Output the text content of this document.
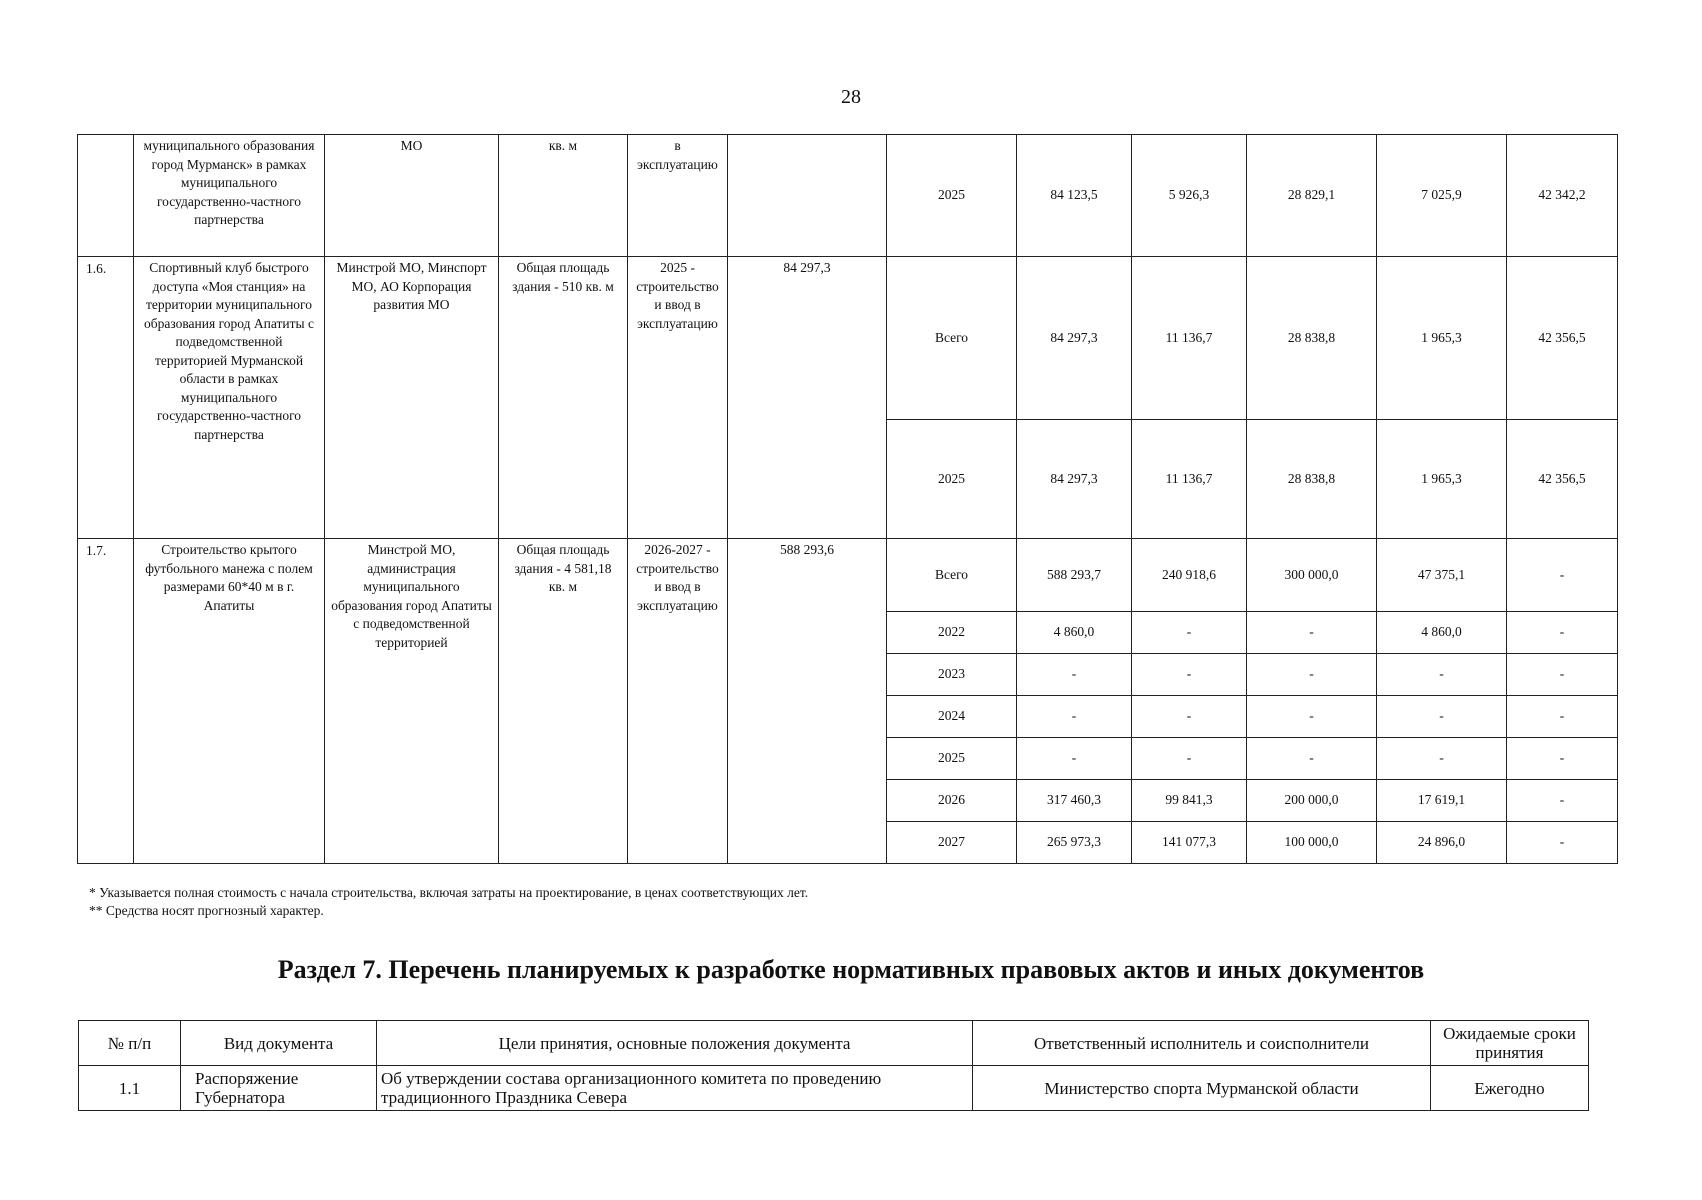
28
	муниципального образования город Мурманск» в рамках муниципального государственно-частного партнерства	МО	кв. м	в эксплуатацию		2025	84 123,5	5 926,3	28 829,1	7 025,9	42 342,2
1.6.	Спортивный клуб быстрого доступа «Моя станция» на территории муниципального образования город Апатиты с подведомственной территорией Мурманской области в рамках муниципального государственно-частного партнерства	Минстрой МО, Минспорт МО, АО Корпорация развития МО	Общая площадь здания - 510 кв. м	2025 - строительство и ввод в эксплуатацию	84 297,3	Всего	84 297,3	11 136,7	28 838,8	1 965,3	42 356,5
						2025	84 297,3	11 136,7	28 838,8	1 965,3	42 356,5
1.7.	Строительство крытого футбольного манежа с полем размерами 60*40 м в г. Апатиты	Минстрой МО, администрация муниципального образования город Апатиты с подведомственной территорией	Общая площадь здания - 4 581,18 кв. м	2026-2027 - строительство и ввод в эксплуатацию	588 293,6	Всего	588 293,7	240 918,6	300 000,0	47 375,1	-
						2022	4 860,0	-	-	4 860,0	-
						2023	-	-	-	-	-
						2024	-	-	-	-	-
						2025	-	-	-	-	-
						2026	317 460,3	99 841,3	200 000,0	17 619,1	-
						2027	265 973,3	141 077,3	100 000,0	24 896,0	-
* Указывается полная стоимость с начала строительства, включая затраты на проектирование, в ценах соответствующих лет.
** Средства носят прогнозный характер.
Раздел 7. Перечень планируемых к разработке нормативных правовых актов и иных документов
№ п/п	Вид документа	Цели принятия, основные положения документа	Ответственный исполнитель и соисполнители	Ожидаемые сроки принятия
1.1	Распоряжение Губернатора	Об утверждении состава организационного комитета по проведению традиционного Праздника Севера	Министерство спорта Мурманской области	Ежегодно
